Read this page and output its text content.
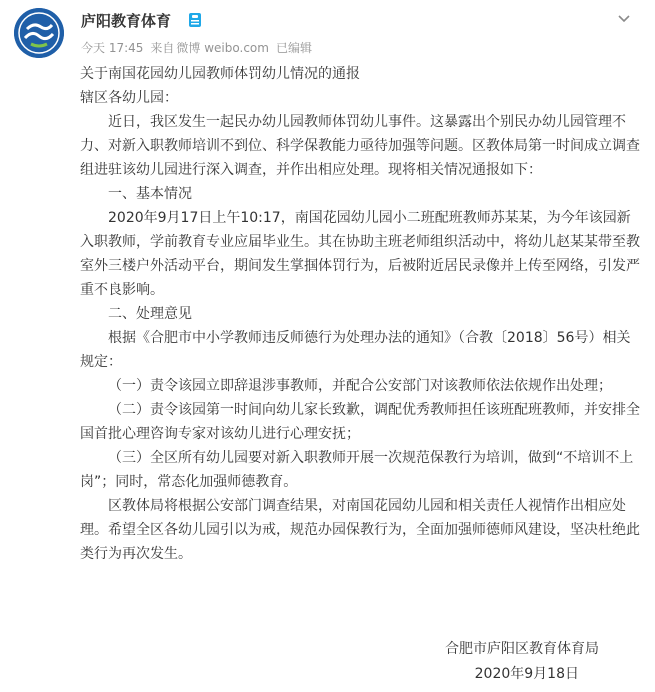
庐阳教育体育
今天 17:45 来自 微博 weibo.com 已编辑

关于南国花园幼儿园教师体罚幼儿情况的通报

辖区各幼儿园：

近日，我区发生一起民办幼儿园教师体罚幼儿事件。这暴露出个别民办幼儿园管理不力、对新入职教师培训不到位、科学保教能力亟待加强等问题。区教体局第一时间成立调查组进驻该幼儿园进行深入调查，并作出相应处理。现将相关情况通报如下：

一、基本情况

2020年9月17日上午10:17，南国花园幼儿园小二班配班教师苏某某，为今年该园新入职教师，学前教育专业应届毕业生。其在协助主班老师组织活动中，将幼儿赵某某带至教室外三楼户外活动平台，期间发生掌掴体罚行为，后被附近居民录像并上传至网络，引发严重不良影响。

二、处理意见

根据《合肥市中小学教师违反师德行为处理办法的通知》（合教〔2018〕56号）相关规定：

（一）责令该园立即辞退涉事教师，并配合公安部门对该教师依法依规作出处理；

（二）责令该园第一时间向幼儿家长致歉，调配优秀教师担任该班配班教师，并安排全国首批心理咨询专家对该幼儿进行心理安抚；

（三）全区所有幼儿园要对新入职教师开展一次规范保教行为培训，做到“不培训不上岗”；同时，常态化加强师德教育。

区教体局将根据公安部门调查结果，对南国花园幼儿园和相关责任人视情作出相应处理。希望全区各幼儿园引以为戒，规范办园保教行为，全面加强师德师风建设，坚决杜绝此类行为再次发生。

合肥市庐阳区教育体育局
2020年9月18日
